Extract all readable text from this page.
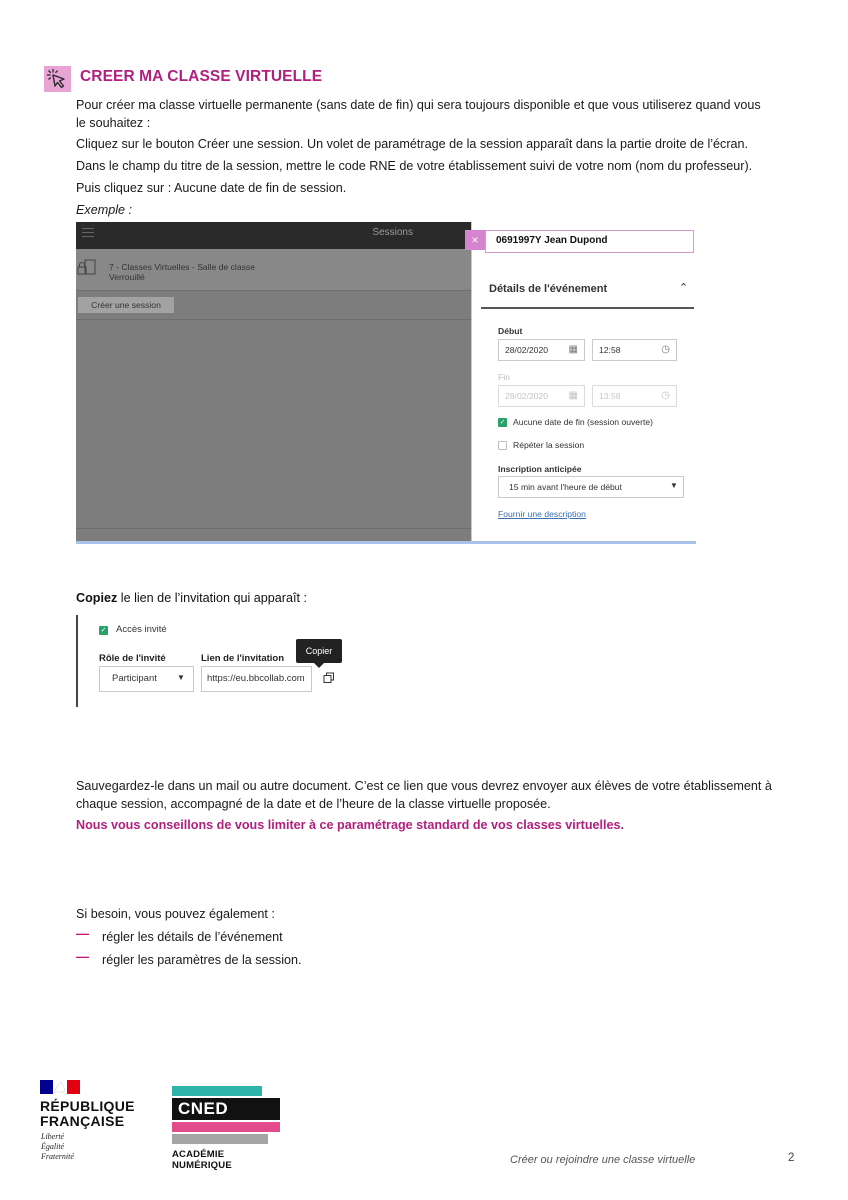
CREER MA CLASSE VIRTUELLE
Pour créer ma classe virtuelle permanente (sans date de fin) qui sera toujours disponible et que vous utiliserez quand vous le souhaitez :
Cliquez sur le bouton Créer une session. Un volet de paramétrage de la session apparaît dans la partie droite de l’écran.
Dans le champ du titre de la session, mettre le code RNE de votre établissement suivi de votre nom (nom du professeur).
Puis cliquez sur : Aucune date de fin de session.
Exemple :
Sessions
7 - Classes Virtuelles - Salle de classe
Verrouillé
Créer une session
×	0691997Y Jean Dupond
Détails de l'événement	⌃
Début
28/02/2020 ▦	12:58	◷
Fin
28/02/2020 ▦	13:58	◷
✓ Aucune date de fin (session ouverte)
Répéter la session
Inscription anticipée
15 min avant l'heure de début	▼
Fournir une description
Copiez le lien de l’invitation qui apparaît :
✓ Accès invité
Rôle de l'invité	Lien de l'invitation
Participant	▼	https://eu.bbcollab.com
Copier
Sauvegardez-le dans un mail ou autre document. C’est ce lien que vous devrez envoyer aux élèves de votre établissement à chaque session, accompagné de la date et de l’heure de la classe virtuelle proposée.
Nous vous conseillons de vous limiter à ce paramétrage standard de vos classes virtuelles.
Si besoin, vous pouvez également :
— régler les détails de l’événement
— régler les paramètres de la session.
RÉPUBLIQUE
FRANÇAISE
Liberté
Égalité
Fraternité
CNED
ACADÉMIE NUMÉRIQUE	Créer ou rejoindre une classe virtuelle	2
